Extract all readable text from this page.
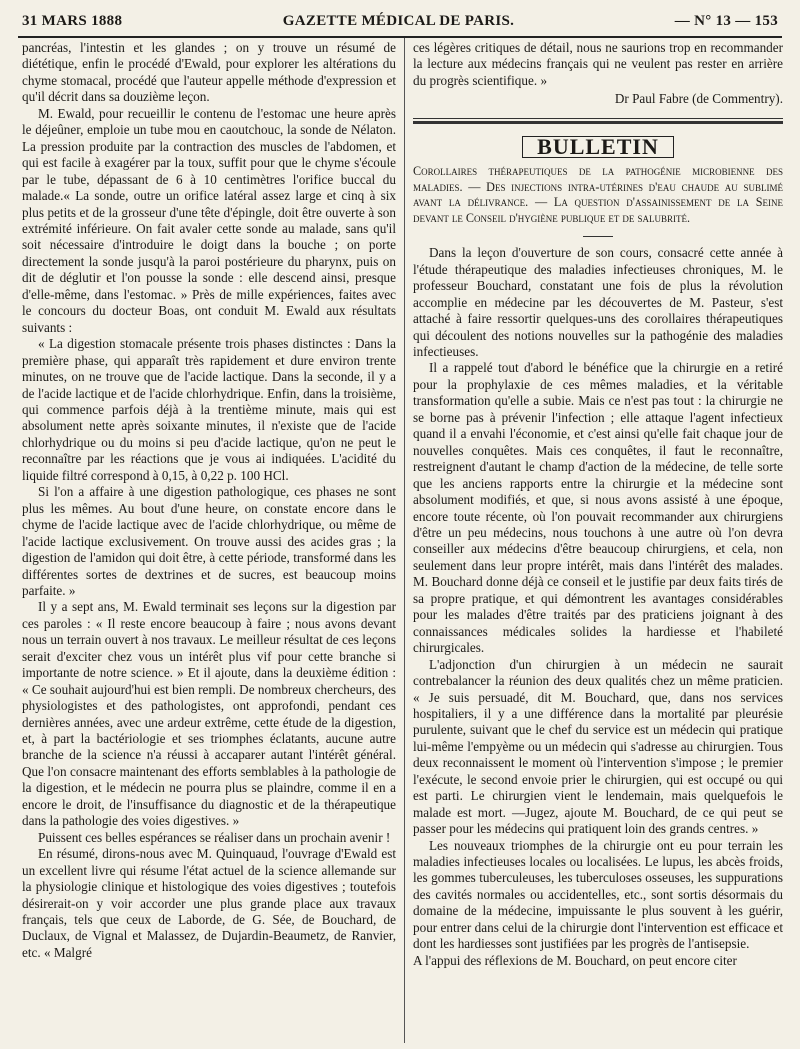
31 MARS 1888	GAZETTE MÉDICAL DE PARIS.	— N° 13 — 153

pancréas, l'intestin et les glandes ; on y trouve un résumé de diététique, enfin le procédé d'Ewald, pour explorer les altérations du chyme stomacal, procédé que l'auteur appelle méthode d'expression et qu'il décrit dans sa douzième leçon.

M. Ewald, pour recueillir le contenu de l'estomac une heure après le déjeûner, emploie un tube mou en caoutchouc, la sonde de Nélaton. La pression produite par la contraction des muscles de l'abdomen, et qui est facile à exagérer par la toux, suffit pour que le chyme s'écoule par le tube, dépassant de 6 à 10 centimètres l'orifice buccal du malade.« La sonde, outre un orifice latéral assez large et cinq à six plus petits et de la grosseur d'une tête d'épingle, doit être ouverte à son extrémité inférieure. On fait avaler cette sonde au malade, sans qu'il soit nécessaire d'introduire le doigt dans la bouche ; on porte directement la sonde jusqu'à la paroi postérieure du pharynx, puis on dit de déglutir et l'on pousse la sonde : elle descend ainsi, presque d'elle-même, dans l'estomac. » Près de mille expériences, faites avec le concours du docteur Boas, ont conduit M. Ewald aux résultats suivants :

« La digestion stomacale présente trois phases distinctes : Dans la première phase, qui apparaît très rapidement et dure environ trente minutes, on ne trouve que de l'acide lactique. Dans la seconde, il y a de l'acide lactique et de l'acide chlorhydrique. Enfin, dans la troisième, qui commence parfois déjà à la trentième minute, mais qui est absolument nette après soixante minutes, il n'existe que de l'acide chlorhydrique ou du moins si peu d'acide lactique, qu'on ne peut le reconnaître par les réactions que je vous ai indiquées. L'acidité du liquide filtré correspond à 0,15, à 0,22 p. 100 HCl.

Si l'on a affaire à une digestion pathologique, ces phases ne sont plus les mêmes. Au bout d'une heure, on constate encore dans le chyme de l'acide lactique avec de l'acide chlorhydrique, ou même de l'acide lactique exclusivement. On trouve aussi des acides gras ; la digestion de l'amidon qui doit être, à cette période, transformé dans les différentes sortes de dextrines et de sucres, est beaucoup moins parfaite. »

Il y a sept ans, M. Ewald terminait ses leçons sur la digestion par ces paroles : « Il reste encore beaucoup à faire ; nous avons devant nous un terrain ouvert à nos travaux. Le meilleur résultat de ces leçons serait d'exciter chez vous un intérêt plus vif pour cette branche si importante de notre science. » Et il ajoute, dans la deuxième édition : « Ce souhait aujourd'hui est bien rempli. De nombreux chercheurs, des physiologistes et des pathologistes, ont approfondi, pendant ces dernières années, avec une ardeur extrême, cette étude de la digestion, et, à part la bactériologie et ses triomphes éclatants, aucune autre branche de la science n'a réussi à accaparer autant l'intérêt général. Que l'on consacre maintenant des efforts semblables à la pathologie de la digestion, et le médecin ne pourra plus se plaindre, comme il en a encore le droit, de l'insuffisance du diagnostic et de la thérapeutique dans la pathologie des voies digestives. »

Puissent ces belles espérances se réaliser dans un prochain avenir !

En résumé, dirons-nous avec M. Quinquaud, l'ouvrage d'Ewald est un excellent livre qui résume l'état actuel de la science allemande sur la physiologie clinique et histologique des voies digestives ; toutefois désirerait-on y voir accorder une plus grande place aux travaux français, tels que ceux de Laborde, de G. Sée, de Bouchard, de Duclaux, de Vignal et Malassez, de Dujardin-Beaumetz, de Ranvier, etc. « Malgré

ces légères critiques de détail, nous ne saurions trop en recommander la lecture aux médecins français qui ne veulent pas rester en arrière du progrès scientifique. »

Dr Paul Fabre (de Commentry).
BULLETIN

Corollaires thérapeutiques de la pathogénie microbienne des maladies. — Des injections intra-utérines d'eau chaude au sublimé avant la délivrance. — La question d'assainissement de la Seine devant le Conseil d'hygiène publique et de salubrité.

Dans la leçon d'ouverture de son cours, consacré cette année à l'étude thérapeutique des maladies infectieuses chroniques, M. le professeur Bouchard, constatant une fois de plus la révolution accomplie en médecine par les découvertes de M. Pasteur, s'est attaché à faire ressortir quelques-uns des corollaires thérapeutiques qui découlent des notions nouvelles sur la pathogénie des maladies infectieuses.

Il a rappelé tout d'abord le bénéfice que la chirurgie en a retiré pour la prophylaxie de ces mêmes maladies, et la véritable transformation qu'elle a subie. Mais ce n'est pas tout : la chirurgie ne se borne pas à prévenir l'infection ; elle attaque l'agent infectieux quand il a envahi l'économie, et c'est ainsi qu'elle fait chaque jour de nouvelles conquêtes. Mais ces conquêtes, il faut le reconnaître, restreignent d'autant le champ d'action de la médecine, de telle sorte que les anciens rapports entre la chirurgie et la médecine sont absolument modifiés, et que, si nous avons assisté à une époque, encore toute récente, où l'on pouvait recommander aux chirurgiens d'être un peu médecins, nous touchons à une autre où l'on devra conseiller aux médecins d'être beaucoup chirurgiens, et cela, non seulement dans leur propre intérêt, mais dans l'intérêt des malades. M. Bouchard donne déjà ce conseil et le justifie par deux faits tirés de sa propre pratique, et qui démontrent les avantages considérables pour les malades d'être traités par des praticiens joignant à des connaissances médicales solides la hardiesse et l'habileté chirurgicales.

L'adjonction d'un chirurgien à un médecin ne saurait contrebalancer la réunion des deux qualités chez un même praticien. « Je suis persuadé, dit M. Bouchard, que, dans nos services hospitaliers, il y a une différence dans la mortalité par pleurésie purulente, suivant que le chef du service est un médecin qui pratique lui-même l'empyème ou un médecin qui s'adresse au chirurgien. Tous deux reconnaissent le moment où l'intervention s'impose ; le premier l'exécute, le second envoie prier le chirurgien, qui est occupé ou qui est parti. Le chirurgien vient le lendemain, mais quelquefois le malade est mort. —Jugez, ajoute M. Bouchard, de ce qui peut se passer pour les médecins qui pratiquent loin des grands centres. »

Les nouveaux triomphes de la chirurgie ont eu pour terrain les maladies infectieuses locales ou localisées. Le lupus, les abcès froids, les gommes tuberculeuses, les tuberculoses osseuses, les suppurations des cavités normales ou accidentelles, etc., sont sortis désormais du domaine de la médecine, impuissante le plus souvent à les guérir, pour entrer dans celui de la chirurgie dont l'intervention est efficace et dont les hardiesses sont justifiées par les progrès de l'antisepsie.

A l'appui des réflexions de M. Bouchard, on peut encore citer
